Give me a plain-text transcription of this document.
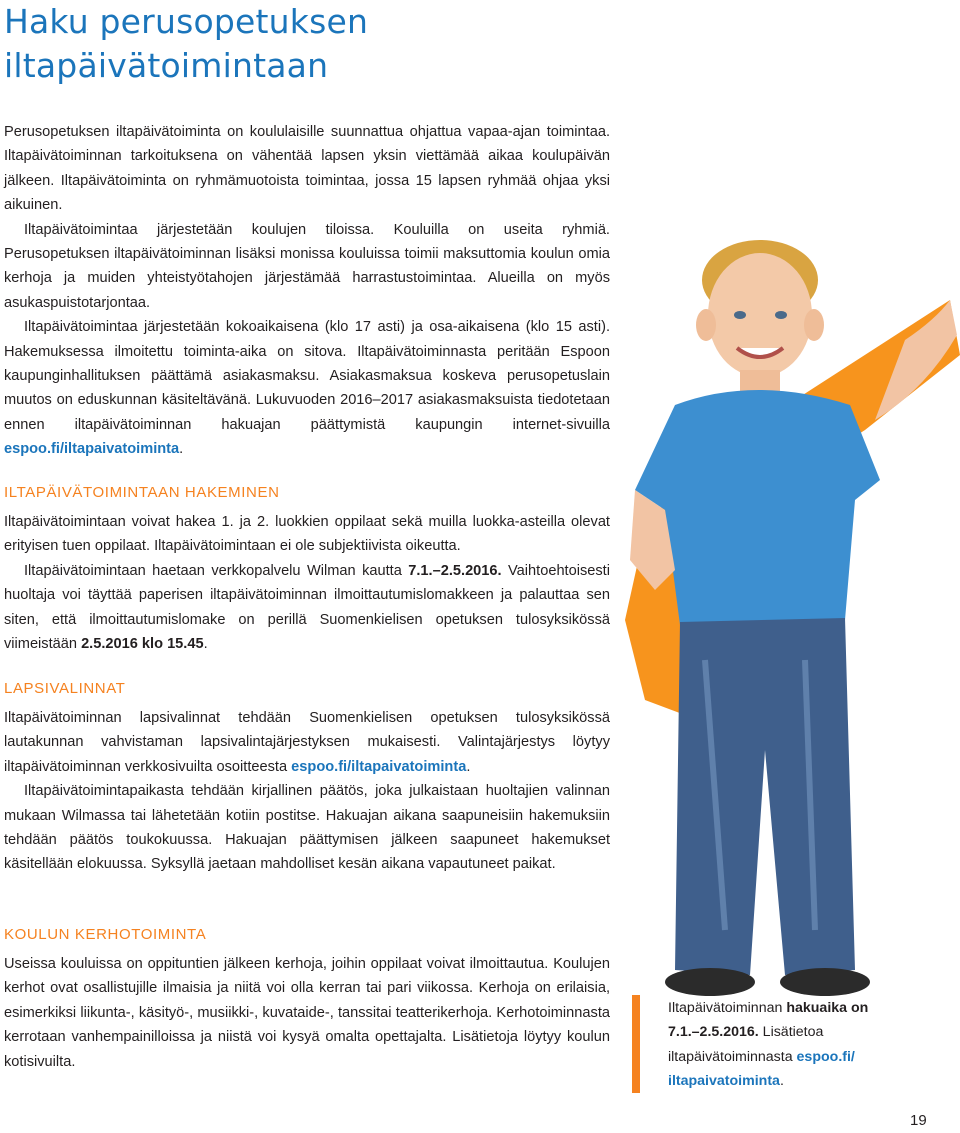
Haku perusopetuksen
iltapäivätoimintaan

Perusopetuksen iltapäivätoiminta on koululaisille suunnattua ohjattua vapaa-ajan toimintaa. Iltapäivätoiminnan tarkoituksena on vähentää lapsen yksin viettämää aikaa koulupäivän jälkeen. Iltapäivätoiminta on ryhmämuotoista toimintaa, jossa 15 lapsen ryhmää ohjaa yksi aikuinen.

Iltapäivätoimintaa järjestetään koulujen tiloissa. Kouluilla on useita ryhmiä. Perusopetuksen iltapäivätoiminnan lisäksi monissa kouluissa toimii maksuttomia koulun omia kerhoja ja muiden yhteistyötahojen järjestämää harrastustoimintaa. Alueilla on myös asukaspuistotarjontaa.

Iltapäivätoimintaa järjestetään kokoaikaisena (klo 17 asti) ja osa-aikaisena (klo 15 asti). Hakemuksessa ilmoitettu toiminta-aika on sitova. Iltapäivätoiminnasta peritään Espoon kaupunginhallituksen päättämä asiakasmaksu. Asiakasmaksua koskeva perusopetuslain muutos on eduskunnan käsiteltävänä. Lukuvuoden 2016–2017 asiakasmaksuista tiedotetaan ennen iltapäivätoiminnan hakuajan päättymistä kaupungin internet-sivuilla espoo.fi/iltapaivatoiminta.

ILTAPÄIVÄTOIMINTAAN HAKEMINEN

Iltapäivätoimintaan voivat hakea 1. ja 2. luokkien oppilaat sekä muilla luokka-asteilla olevat erityisen tuen oppilaat. Iltapäivätoimintaan ei ole subjektiivista oikeutta.

Iltapäivätoimintaan haetaan verkkopalvelu Wilman kautta 7.1.–2.5.2016. Vaihtoehtoisesti huoltaja voi täyttää paperisen iltapäivätoiminnan ilmoittautumislomakkeen ja palauttaa sen siten, että ilmoittautumislomake on perillä Suomenkielisen opetuksen tulosyksikössä viimeistään 2.5.2016 klo 15.45.

LAPSIVALINNAT

Iltapäivätoiminnan lapsivalinnat tehdään Suomenkielisen opetuksen tulosyksikössä lautakunnan vahvistaman lapsivalintajärjestyksen mukaisesti. Valintajärjestys löytyy iltapäivätoiminnan verkkosivuilta osoitteesta espoo.fi/iltapaivatoiminta.

Iltapäivätoimintapaikasta tehdään kirjallinen päätös, joka julkaistaan huoltajien valinnan mukaan Wilmassa tai lähetetään kotiin postitse. Hakuajan aikana saapuneisiin hakemuksiin tehdään päätös toukokuussa. Hakuajan päättymisen jälkeen saapuneet hakemukset käsitellään elokuussa. Syksyllä jaetaan mahdolliset kesän aikana vapautuneet paikat.

KOULUN KERHOTOIMINTA

Useissa kouluissa on oppituntien jälkeen kerhoja, joihin oppilaat voivat ilmoittautua. Koulujen kerhot ovat osallistujille ilmaisia ja niitä voi olla kerran tai pari viikossa. Kerhoja on erilaisia, esimerkiksi liikunta-, käsityö-, musiikki-, kuvataide-, tanssitai teatterikerhoja. Kerhotoiminnasta kerrotaan vanhempainilloissa ja niistä voi kysyä omalta opettajalta. Lisätietoja löytyy koulun kotisivuilta.

Iltapäivätoiminnan hakuaika on
7.1.–2.5.2016. Lisätietoa iltapäivätoiminnasta espoo.fi/ iltapaivatoiminta.
19
